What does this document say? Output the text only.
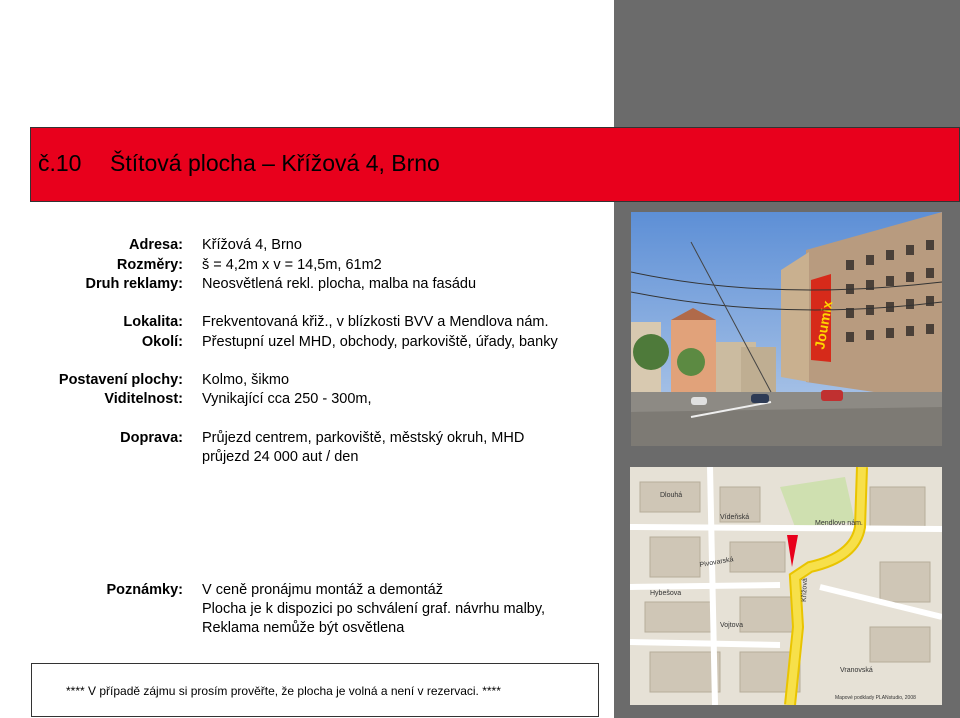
č.10 Štítová plocha – Křížová 4, Brno
Adresa: Křížová 4, Brno
Rozměry: š = 4,2m x v = 14,5m, 61m2
Druh reklamy: Neosvětlená rekl. plocha, malba na fasádu
Lokalita: Frekventovaná křiž., v blízkosti BVV a Mendlova nám.
Okolí: Přestupní uzel MHD, obchody, parkoviště, úřady, banky
Postavení plochy: Kolmo, šikmo
Viditelnost: Vynikající cca 250 - 300m,
Doprava: Průjezd centrem, parkoviště, městský okruh, MHD
průjezd 24 000 aut / den
Poznámky: V ceně pronájmu montáž a demontáž
Plocha je k dispozici po schválení graf. návrhu malby,
Reklama nemůže být osvětlena
Joumix
Křížová
Vídeňská
Pivovarská
Hybešova
Vojtova
Vranovská
Mendlovo nám.
Dlouhá
Mapové podklady PLANstudio, 2008
**** V případě zájmu si prosím prověřte, že plocha je volná a není v rezervaci. ****
